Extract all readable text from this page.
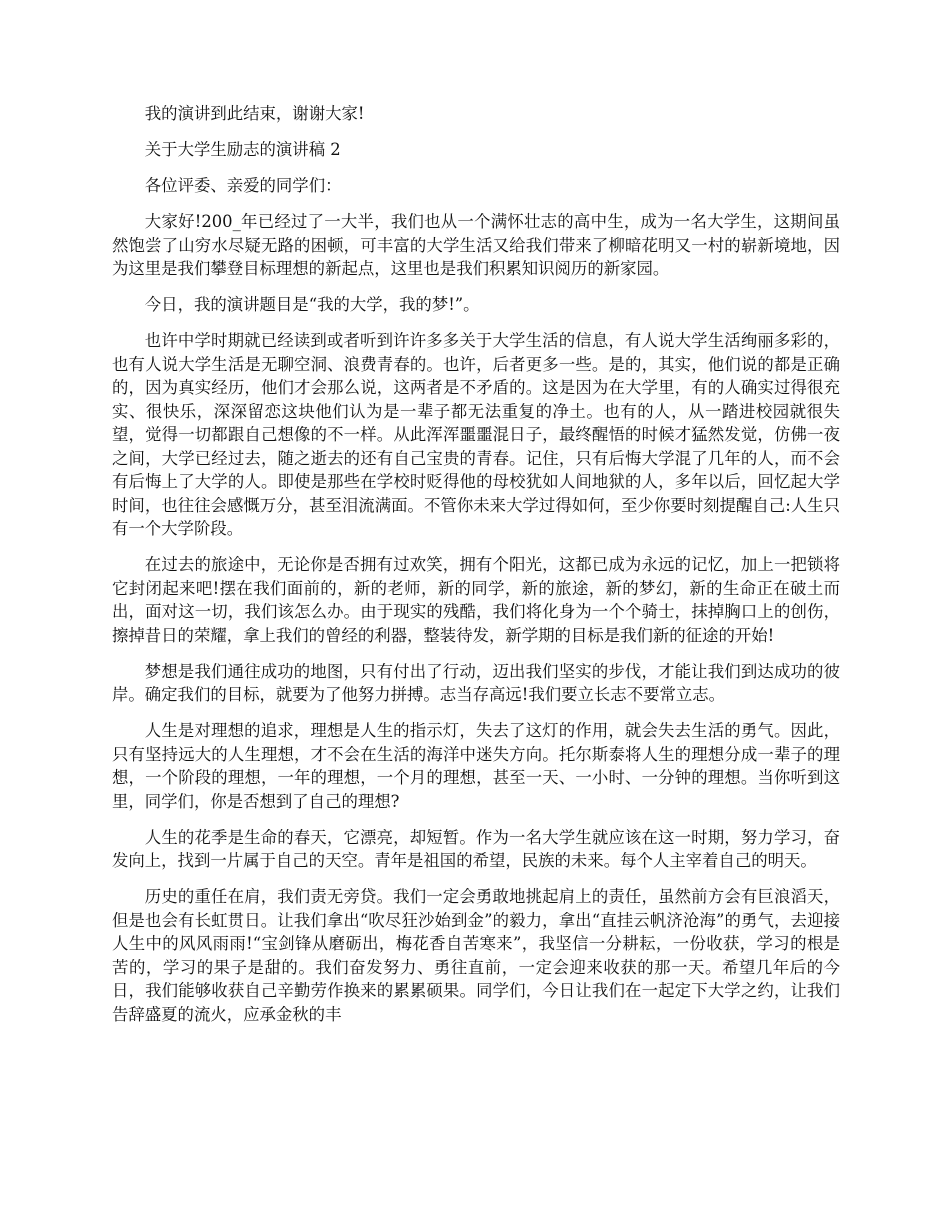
我的演讲到此结束，谢谢大家!

关于大学生励志的演讲稿 2

各位评委、亲爱的同学们：

大家好!200_年已经过了一大半，我们也从一个满怀壮志的高中生，成为一名大学生，这期间虽然饱尝了山穷水尽疑无路的困顿，可丰富的大学生活又给我们带来了柳暗花明又一村的崭新境地，因为这里是我们攀登目标理想的新起点，这里也是我们积累知识阅历的新家园。

今日，我的演讲题目是“我的大学，我的梦!”。

也许中学时期就已经读到或者听到许许多多关于大学生活的信息，有人说大学生活绚丽多彩的，也有人说大学生活是无聊空洞、浪费青春的。也许，后者更多一些。是的，其实，他们说的都是正确的，因为真实经历，他们才会那么说，这两者是不矛盾的。这是因为在大学里，有的人确实过得很充实、很快乐，深深留恋这块他们认为是一辈子都无法重复的净土。也有的人，从一踏进校园就很失望，觉得一切都跟自己想像的不一样。从此浑浑噩噩混日子，最终醒悟的时候才猛然发觉，仿佛一夜之间，大学已经过去，随之逝去的还有自己宝贵的青春。记住，只有后悔大学混了几年的人，而不会有后悔上了大学的人。即使是那些在学校时贬得他的母校犹如人间地狱的人，多年以后，回忆起大学时间，也往往会感慨万分，甚至泪流满面。不管你未来大学过得如何，至少你要时刻提醒自己:人生只有一个大学阶段。

在过去的旅途中，无论你是否拥有过欢笑，拥有个阳光，这都已成为永远的记忆，加上一把锁将它封闭起来吧!摆在我们面前的，新的老师，新的同学，新的旅途，新的梦幻，新的生命正在破土而出，面对这一切，我们该怎么办。由于现实的残酷，我们将化身为一个个骑士，抹掉胸口上的创伤，擦掉昔日的荣耀，拿上我们的曾经的利器，整装待发，新学期的目标是我们新的征途的开始!

梦想是我们通往成功的地图，只有付出了行动，迈出我们坚实的步伐，才能让我们到达成功的彼岸。确定我们的目标，就要为了他努力拼搏。志当存高远!我们要立长志不要常立志。

人生是对理想的追求，理想是人生的指示灯，失去了这灯的作用，就会失去生活的勇气。因此，只有坚持远大的人生理想，才不会在生活的海洋中迷失方向。托尔斯泰将人生的理想分成一辈子的理想，一个阶段的理想，一年的理想，一个月的理想，甚至一天、一小时、一分钟的理想。当你听到这里，同学们，你是否想到了自己的理想?

人生的花季是生命的春天，它漂亮，却短暂。作为一名大学生就应该在这一时期，努力学习，奋发向上，找到一片属于自己的天空。青年是祖国的希望，民族的未来。每个人主宰着自己的明天。

历史的重任在肩，我们责无旁贷。我们一定会勇敢地挑起肩上的责任，虽然前方会有巨浪滔天，但是也会有长虹贯日。让我们拿出“吹尽狂沙始到金”的毅力，拿出“直挂云帆济沧海”的勇气，去迎接人生中的风风雨雨!“宝剑锋从磨砺出，梅花香自苦寒来”，我坚信一分耕耘，一份收获，学习的根是苦的，学习的果子是甜的。我们奋发努力、勇往直前，一定会迎来收获的那一天。希望几年后的今日，我们能够收获自己辛勤劳作换来的累累硕果。同学们，今日让我们在一起定下大学之约，让我们告辞盛夏的流火，应承金秋的丰
